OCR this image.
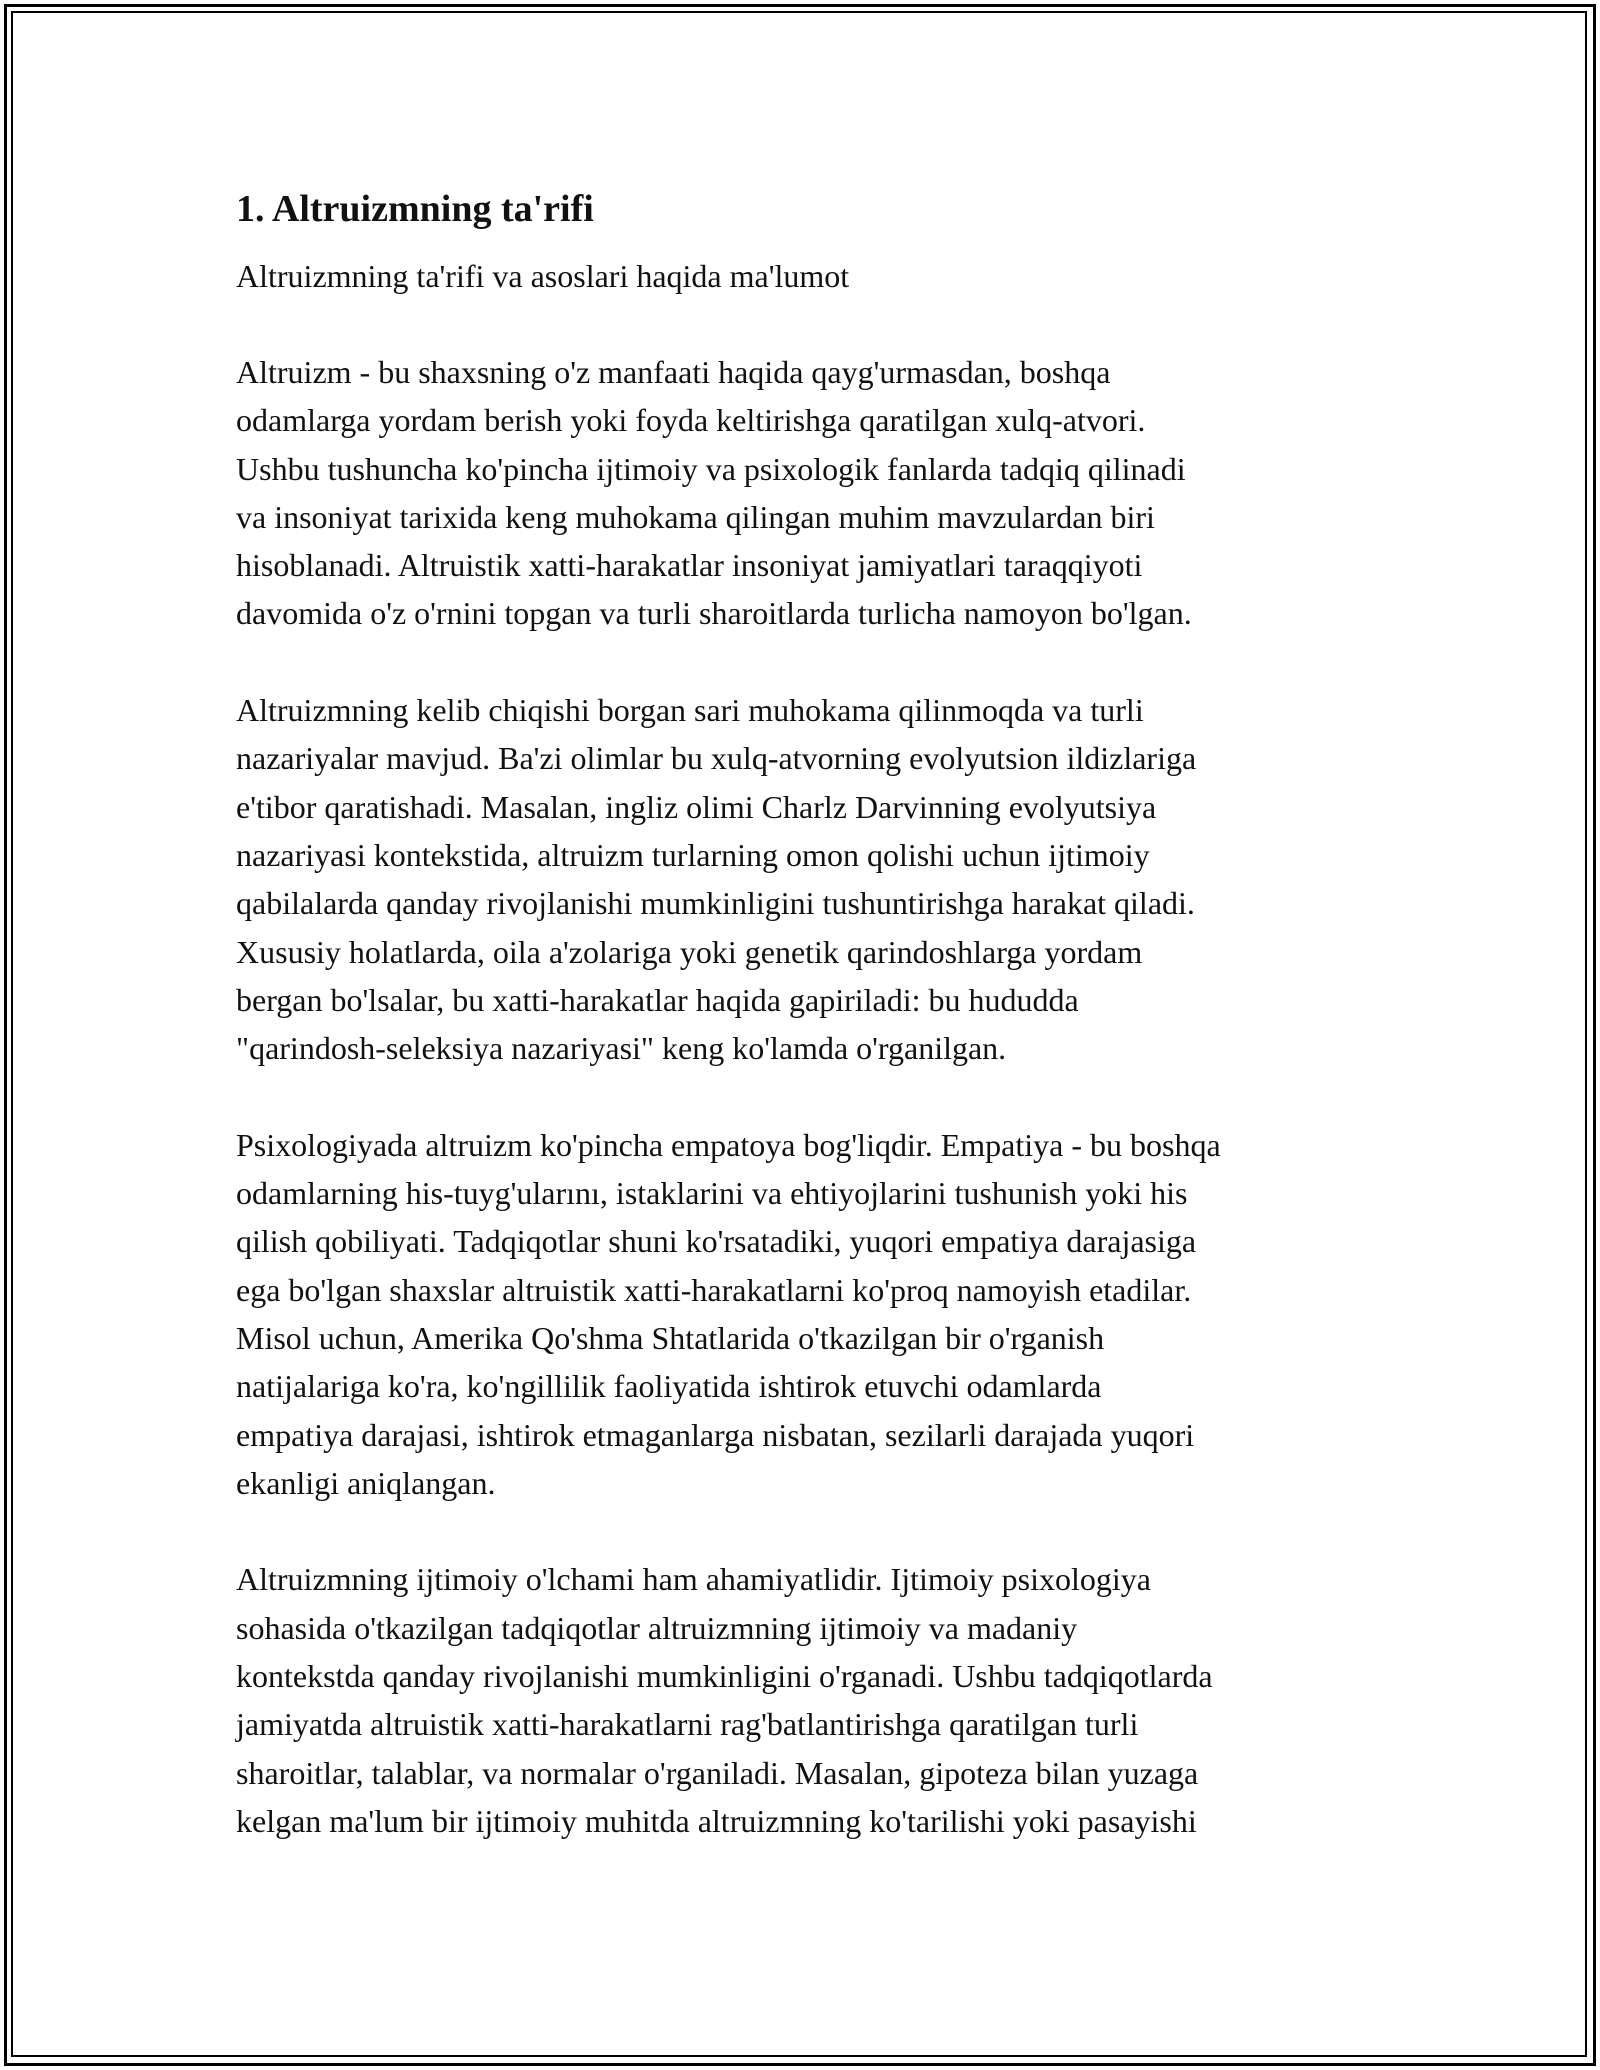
1. Altruizmning ta'rifi
Altruizmning ta'rifi va asoslari haqida ma'lumot
Altruizm - bu shaxsning o'z manfaati haqida qayg'urmasdan, boshqa
odamlarga yordam berish yoki foyda keltirishga qaratilgan xulq-atvori.
Ushbu tushuncha ko'pincha ijtimoiy va psixologik fanlarda tadqiq qilinadi
va insoniyat tarixida keng muhokama qilingan muhim mavzulardan biri
hisoblanadi. Altruistik xatti-harakatlar insoniyat jamiyatlari taraqqiyoti
davomida o'z o'rnini topgan va turli sharoitlarda turlicha namoyon bo'lgan.
Altruizmning kelib chiqishi borgan sari muhokama qilinmoqda va turli
nazariyalar mavjud. Ba'zi olimlar bu xulq-atvorning evolyutsion ildizlariga
e'tibor qaratishadi. Masalan, ingliz olimi Charlz Darvinning evolyutsiya
nazariyasi kontekstida, altruizm turlarning omon qolishi uchun ijtimoiy
qabilalarda qanday rivojlanishi mumkinligini tushuntirishga harakat qiladi.
Xususiy holatlarda, oila a'zolariga yoki genetik qarindoshlarga yordam
bergan bo'lsalar, bu xatti-harakatlar haqida gapiriladi: bu hududda
"qarindosh-seleksiya nazariyasi" keng ko'lamda o'rganilgan.
Psixologiyada altruizm ko'pincha empatoya bog'liqdir. Empatiya - bu boshqa
odamlarning his-tuyg'ularını, istaklarini va ehtiyojlarini tushunish yoki his
qilish qobiliyati. Tadqiqotlar shuni ko'rsatadiki, yuqori empatiya darajasiga
ega bo'lgan shaxslar altruistik xatti-harakatlarni ko'proq namoyish etadilar.
Misol uchun, Amerika Qo'shma Shtatlarida o'tkazilgan bir o'rganish
natijalariga ko'ra, ko'ngillilik faoliyatida ishtirok etuvchi odamlarda
empatiya darajasi, ishtirok etmaganlarga nisbatan, sezilarli darajada yuqori
ekanligi aniqlangan.
Altruizmning ijtimoiy o'lchami ham ahamiyatlidir. Ijtimoiy psixologiya
sohasida o'tkazilgan tadqiqotlar altruizmning ijtimoiy va madaniy
kontekstda qanday rivojlanishi mumkinligini o'rganadi. Ushbu tadqiqotlarda
jamiyatda altruistik xatti-harakatlarni rag'batlantirishga qaratilgan turli
sharoitlar, talablar, va normalar o'rganiladi. Masalan, gipoteza bilan yuzaga
kelgan ma'lum bir ijtimoiy muhitda altruizmning ko'tarilishi yoki pasayishi
